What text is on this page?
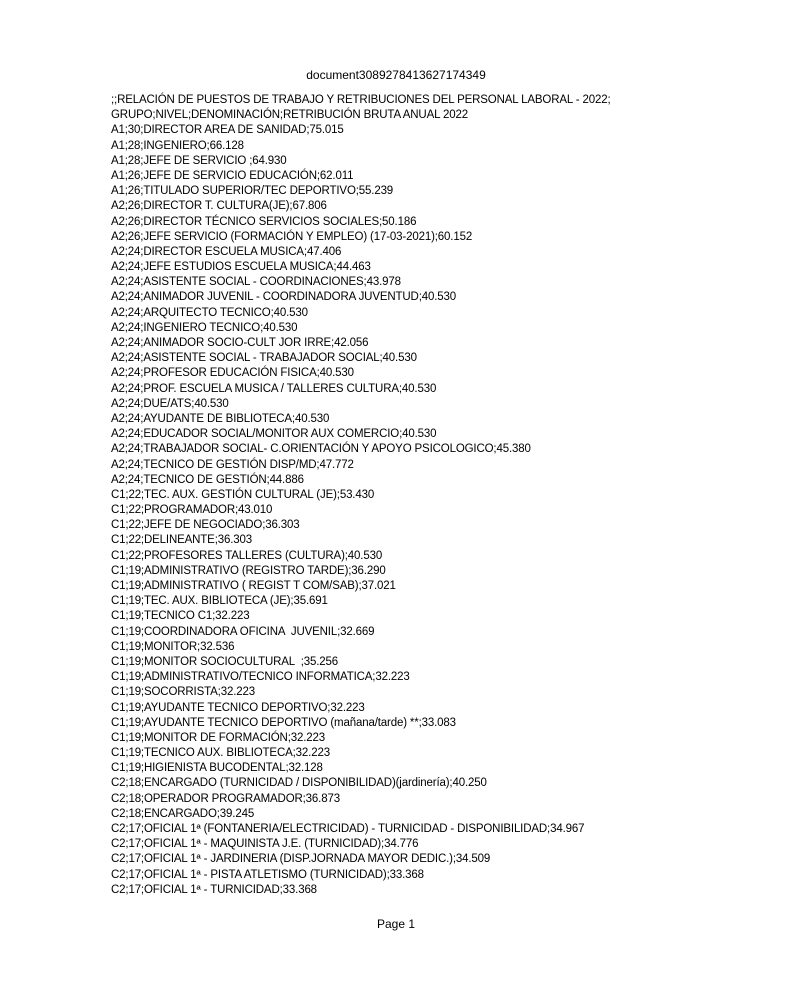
document3089278413627174349
;;RELACIÓN DE PUESTOS DE TRABAJO Y RETRIBUCIONES DEL PERSONAL LABORAL - 2022;
GRUPO;NIVEL;DENOMINACIÓN;RETRIBUCIÓN BRUTA ANUAL 2022
A1;30;DIRECTOR AREA DE SANIDAD;75.015
A1;28;INGENIERO;66.128
A1;28;JEFE DE SERVICIO ;64.930
A1;26;JEFE DE SERVICIO EDUCACIÓN;62.011
A1;26;TITULADO SUPERIOR/TEC DEPORTIVO;55.239
A2;26;DIRECTOR T. CULTURA(JE);67.806
A2;26;DIRECTOR TÉCNICO SERVICIOS SOCIALES;50.186
A2;26;JEFE SERVICIO (FORMACIÓN Y EMPLEO) (17-03-2021);60.152
A2;24;DIRECTOR ESCUELA MUSICA;47.406
A2;24;JEFE ESTUDIOS ESCUELA MUSICA;44.463
A2;24;ASISTENTE SOCIAL - COORDINACIONES;43.978
A2;24;ANIMADOR JUVENIL - COORDINADORA JUVENTUD;40.530
A2;24;ARQUITECTO TECNICO;40.530
A2;24;INGENIERO TECNICO;40.530
A2;24;ANIMADOR SOCIO-CULT JOR IRRE;42.056
A2;24;ASISTENTE SOCIAL - TRABAJADOR SOCIAL;40.530
A2;24;PROFESOR EDUCACIÓN FISICA;40.530
A2;24;PROF. ESCUELA MUSICA / TALLERES CULTURA;40.530
A2;24;DUE/ATS;40.530
A2;24;AYUDANTE DE BIBLIOTECA;40.530
A2;24;EDUCADOR SOCIAL/MONITOR AUX COMERCIO;40.530
A2;24;TRABAJADOR SOCIAL- C.ORIENTACIÓN Y APOYO PSICOLOGICO;45.380
A2;24;TECNICO DE GESTIÓN DISP/MD;47.772
A2;24;TECNICO DE GESTIÓN;44.886
C1;22;TEC. AUX. GESTIÓN CULTURAL (JE);53.430
C1;22;PROGRAMADOR;43.010
C1;22;JEFE DE NEGOCIADO;36.303
C1;22;DELINEANTE;36.303
C1;22;PROFESORES TALLERES (CULTURA);40.530
C1;19;ADMINISTRATIVO (REGISTRO TARDE);36.290
C1;19;ADMINISTRATIVO ( REGIST T COM/SAB);37.021
C1;19;TEC. AUX. BIBLIOTECA (JE);35.691
C1;19;TECNICO C1;32.223
C1;19;COORDINADORA OFICINA  JUVENIL;32.669
C1;19;MONITOR;32.536
C1;19;MONITOR SOCIOCULTURAL  ;35.256
C1;19;ADMINISTRATIVO/TECNICO INFORMATICA;32.223
C1;19;SOCORRISTA;32.223
C1;19;AYUDANTE TECNICO DEPORTIVO;32.223
C1;19;AYUDANTE TECNICO DEPORTIVO (mañana/tarde) **;33.083
C1;19;MONITOR DE FORMACIÓN;32.223
C1;19;TECNICO AUX. BIBLIOTECA;32.223
C1;19;HIGIENISTA BUCODENTAL;32.128
C2;18;ENCARGADO (TURNICIDAD / DISPONIBILIDAD)(jardinería);40.250
C2;18;OPERADOR PROGRAMADOR;36.873
C2;18;ENCARGADO;39.245
C2;17;OFICIAL 1ª (FONTANERIA/ELECTRICIDAD) - TURNICIDAD - DISPONIBILIDAD;34.967
C2;17;OFICIAL 1ª - MAQUINISTA J.E. (TURNICIDAD);34.776
C2;17;OFICIAL 1ª - JARDINERIA (DISP.JORNADA MAYOR DEDIC.);34.509
C2;17;OFICIAL 1ª - PISTA ATLETISMO (TURNICIDAD);33.368
C2;17;OFICIAL 1ª - TURNICIDAD;33.368
Page 1
